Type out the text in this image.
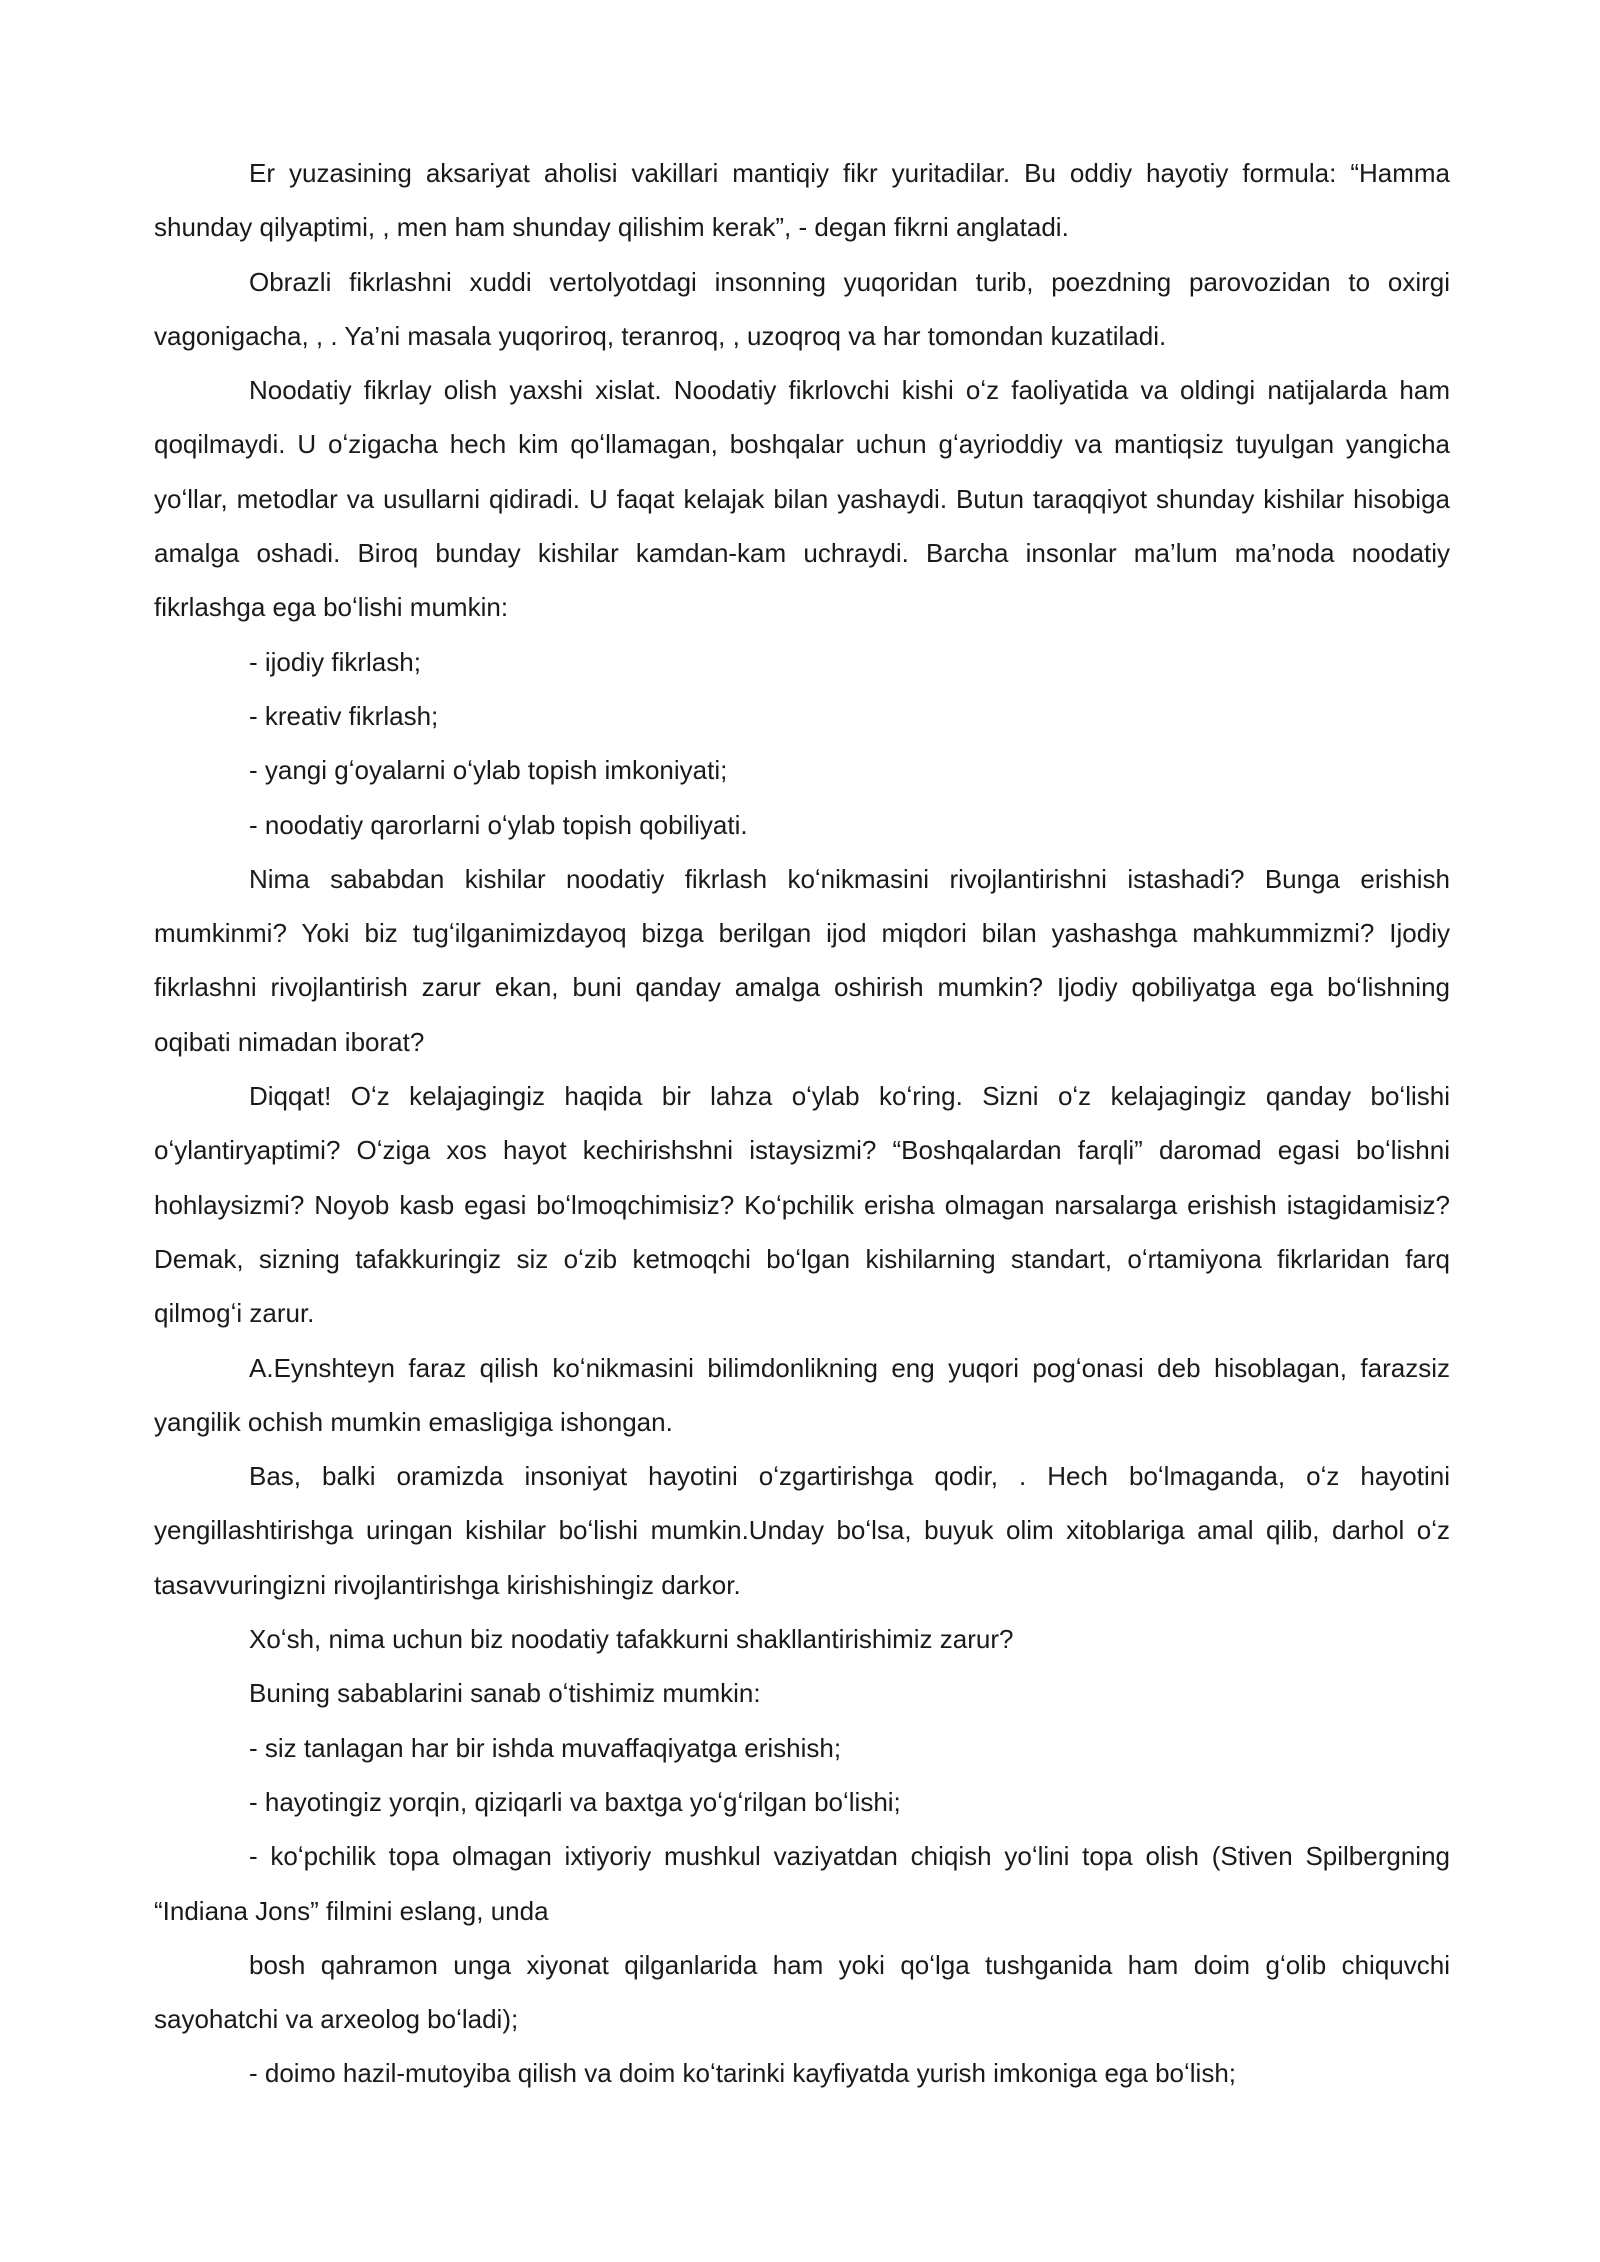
Er yuzasining aksariyat aholisi vakillari mantiqiy fikr yuritadilar. Bu oddiy hayotiy formula: “Hamma shunday qilyaptimi, , men ham shunday qilishim kerak”, - degan fikrni anglatadi.

Obrazli fikrlashni xuddi vertolyotdagi insonning yuqoridan turib, poezdning parovozidan to oxirgi vagonigacha, , . Ya’ni masala yuqoriroq, teranroq, , uzoqroq va har tomondan kuzatiladi.

Noodatiy fikrlay olish yaxshi xislat. Noodatiy fikrlovchi kishi oʻz faoliyatida va oldingi natijalarda ham qoqilmaydi. U oʻzigacha hech kim qoʻllamagan, boshqalar uchun gʻayrioddiy va mantiqsiz tuyulgan yangicha yoʻllar, metodlar va usullarni qidiradi. U faqat kelajak bilan yashaydi. Butun taraqqiyot shunday kishilar hisobiga amalga oshadi. Biroq bunday kishilar kamdan-kam uchraydi. Barcha insonlar ma’lum ma’noda noodatiy fikrlashga ega boʻlishi mumkin:

- ijodiy fikrlash;

- kreativ fikrlash;

- yangi gʻoyalarni oʻylab topish imkoniyati;

- noodatiy qarorlarni oʻylab topish qobiliyati.

Nima sababdan kishilar noodatiy fikrlash koʻnikmasini rivojlantirishni istashadi? Bunga erishish mumkinmi? Yoki biz tugʻilganimizdayoq bizga berilgan ijod miqdori bilan yashashga mahkummizmi? Ijodiy fikrlashni rivojlantirish zarur ekan, buni qanday amalga oshirish mumkin? Ijodiy qobiliyatga ega boʻlishning oqibati nimadan iborat?

Diqqat! Oʻz kelajagingiz haqida bir lahza oʻylab koʻring. Sizni oʻz kelajagingiz qanday boʻlishi oʻylantiryaptimi? Oʻziga xos hayot kechirishshni istaysizmi? “Boshqalardan farqli” daromad egasi boʻlishni hohlaysizmi? Noyob kasb egasi boʻlmoqchimisiz? Koʻpchilik erisha olmagan narsalarga erishish istagidamisiz? Demak, sizning tafakkuringiz siz oʻzib ketmoqchi boʻlgan kishilarning standart, oʻrtamiyona fikrlaridan farq qilmogʻi zarur.

A.Eynshteyn faraz qilish koʻnikmasini bilimdonlikning eng yuqori pogʻonasi deb hisoblagan, farazsiz yangilik ochish mumkin emasligiga ishongan.

Bas, balki oramizda insoniyat hayotini oʻzgartirishga qodir, . Hech boʻlmaganda, oʻz hayotini yengillashtirishga uringan kishilar boʻlishi mumkin.Unday boʻlsa, buyuk olim xitoblariga amal qilib, darhol oʻz tasavvuringizni rivojlantirishga kirishishingiz darkor.

Xoʻsh, nima uchun biz noodatiy tafakkurni shakllantirishimiz zarur?

Buning sabablarini sanab oʻtishimiz mumkin:

- siz tanlagan har bir ishda muvaffaqiyatga erishish;

- hayotingiz yorqin, qiziqarli va baxtga yoʻgʻrilgan boʻlishi;

- koʻpchilik topa olmagan ixtiyoriy mushkul vaziyatdan chiqish yoʻlini topa olish (Stiven Spilbergning “Indiana Jons” filmini eslang, unda

bosh qahramon unga xiyonat qilganlarida ham yoki qoʻlga tushganida ham doim gʻolib chiquvchi sayohatchi va arxeolog boʻladi);

- doimo hazil-mutoyiba qilish va doim koʻtarinki kayfiyatda yurish imkoniga ega boʻlish;
